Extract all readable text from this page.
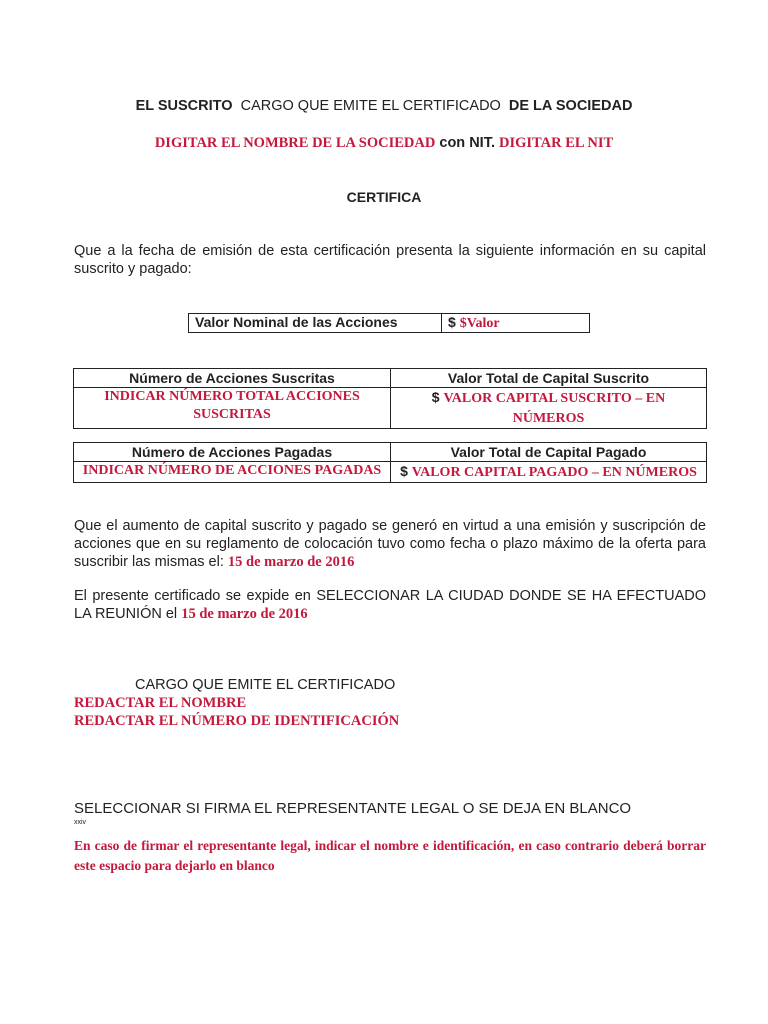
EL SUSCRITO CARGO QUE EMITE EL CERTIFICADO DE LA SOCIEDAD
DIGITAR EL NOMBRE DE LA SOCIEDAD con NIT. DIGITAR EL NIT
CERTIFICA
Que a la fecha de emisión de esta certificación presenta la siguiente información en su capital suscrito y pagado:
Valor Nominal de las Acciones	$ $Valor
Número de Acciones Suscritas	Valor Total de Capital Suscrito
INDICAR NÚMERO TOTAL ACCIONES SUSCRITAS	$ VALOR CAPITAL SUSCRITO – EN NÚMEROS
Número de Acciones Pagadas	Valor Total de Capital Pagado
INDICAR NÚMERO DE ACCIONES PAGADAS	$ VALOR CAPITAL PAGADO – EN NÚMEROS
Que el aumento de capital suscrito y pagado se generó en virtud a una emisión y suscripción de acciones que en su reglamento de colocación tuvo como fecha o plazo máximo de la oferta para suscribir las mismas el: 15 de marzo de 2016
El presente certificado se expide en SELECCIONAR LA CIUDAD DONDE SE HA EFECTUADO LA REUNIÓN el 15 de marzo de 2016
CARGO QUE EMITE EL CERTIFICADO
REDACTAR EL NOMBRE
REDACTAR EL NÚMERO DE IDENTIFICACIÓN
SELECCIONAR SI FIRMA EL REPRESENTANTE LEGAL O SE DEJA EN BLANCO
xxiv
En caso de firmar el representante legal, indicar el nombre e identificación, en caso contrario deberá borrar este espacio para dejarlo en blanco
